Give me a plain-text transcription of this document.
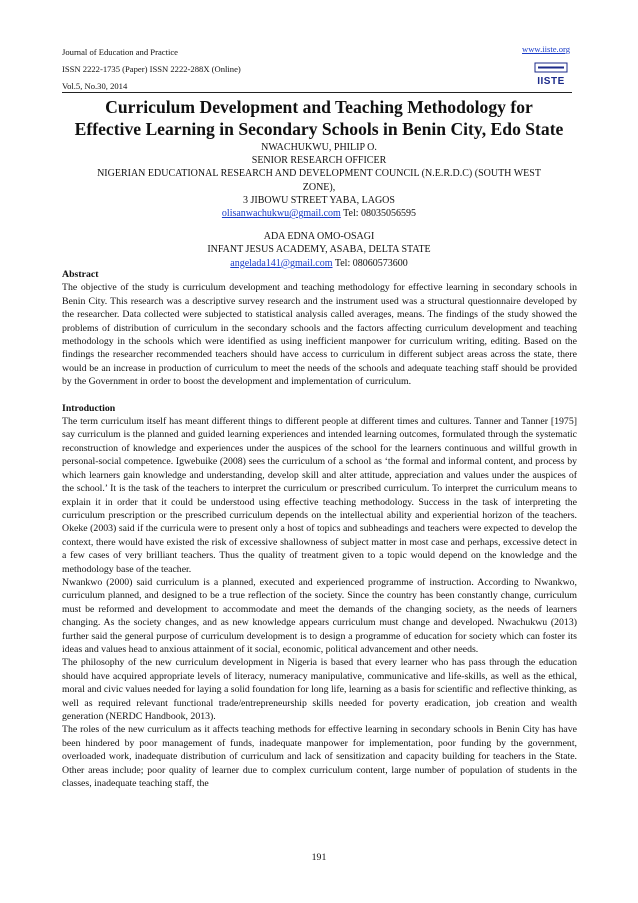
Journal of Education and Practice
ISSN 2222-1735 (Paper) ISSN 2222-288X (Online)
Vol.5, No.30, 2014
www.iiste.org
IISTE
Curriculum Development and Teaching Methodology for
Effective Learning in Secondary Schools in Benin City, Edo State
NWACHUKWU, PHILIP O.
SENIOR RESEARCH OFFICER
NIGERIAN EDUCATIONAL RESEARCH AND DEVELOPMENT COUNCIL (N.E.R.D.C) (SOUTH WEST
ZONE),
3 JIBOWU STREET YABA, LAGOS
olisanwachukwu@gmail.com Tel: 08035056595
ADA EDNA OMO-OSAGI
INFANT JESUS ACADEMY, ASABA, DELTA STATE
angelada141@gmail.com Tel: 08060573600
Abstract

The objective of the study is curriculum development and teaching methodology for effective learning in secondary schools in Benin City. This research was a descriptive survey research and the instrument used was a structural questionnaire developed by the researcher. Data collected were subjected to statistical analysis called averages, means. The findings of the study showed the problems of distribution of curriculum in the secondary schools and the factors affecting curriculum development and teaching methodology in the schools which were identified as using inefficient manpower for curriculum writing, editing. Based on the findings the researcher recommended teachers should have access to curriculum in different subject areas across the state, there would be an increase in production of curriculum to meet the needs of the schools and adequate teaching staff should be provided by the Government in order to boost the development and implementation of curriculum.

Introduction

The term curriculum itself has meant different things to different people at different times and cultures. Tanner and Tanner [1975] say curriculum is the planned and guided learning experiences and intended learning outcomes, formulated through the systematic reconstruction of knowledge and experiences under the auspices of the school for the learners continuous and willful growth in personal-social competence. Igwebuike (2008) sees the curriculum of a school as ‘the formal and informal content, and process by which learners gain knowledge and understanding, develop skill and alter attitude, appreciation and values under the auspices of the school.’ It is the task of the teachers to interpret the curriculum or prescribed curriculum. To interpret the curriculum means to explain it in order that it could be understood using effective teaching methodology. Success in the task of interpreting the curriculum prescription or the prescribed curriculum depends on the intellectual ability and experiential horizon of the teachers. Okeke (2003) said if the curricula were to present only a host of topics and subheadings and teachers were expected to develop the context, there would have existed the risk of excessive shallowness of subject matter in most case and perhaps, excessive detect in a few cases of very brilliant teachers. Thus the quality of treatment given to a topic would depend on the knowledge and the methodology base of the teacher.

Nwankwo (2000) said curriculum is a planned, executed and experienced programme of instruction. According to Nwankwo, curriculum planned, and designed to be a true reflection of the society. Since the country has been constantly change, curriculum must be reformed and development to accommodate and meet the demands of the changing society, as the needs of learners changing. As the society changes, and as new knowledge appears curriculum must change and developed. Nwachukwu (2013) further said the general purpose of curriculum development is to design a programme of education for society which can foster its ideas and values head to anxious attainment of it social, economic, political advancement and other needs.

The philosophy of the new curriculum development in Nigeria is based that every learner who has pass through the education should have acquired appropriate levels of literacy, numeracy manipulative, communicative and life-skills, as well as the ethical, moral and civic values needed for laying a solid foundation for long life, learning as a basis for scientific and reflective thinking, as well as required relevant functional trade/entrepreneurship skills needed for poverty eradication, job creation and wealth generation (NERDC Handbook, 2013).

The roles of the new curriculum as it affects teaching methods for effective learning in secondary schools in Benin City has have been hindered by poor management of funds, inadequate manpower for implementation, poor funding by the government, overloaded work, inadequate distribution of curriculum and lack of sensitization and capacity building for teachers in the State. Other areas include; poor quality of learner due to complex curriculum content, large number of population of students in the classes, inadequate teaching staff, the

191
